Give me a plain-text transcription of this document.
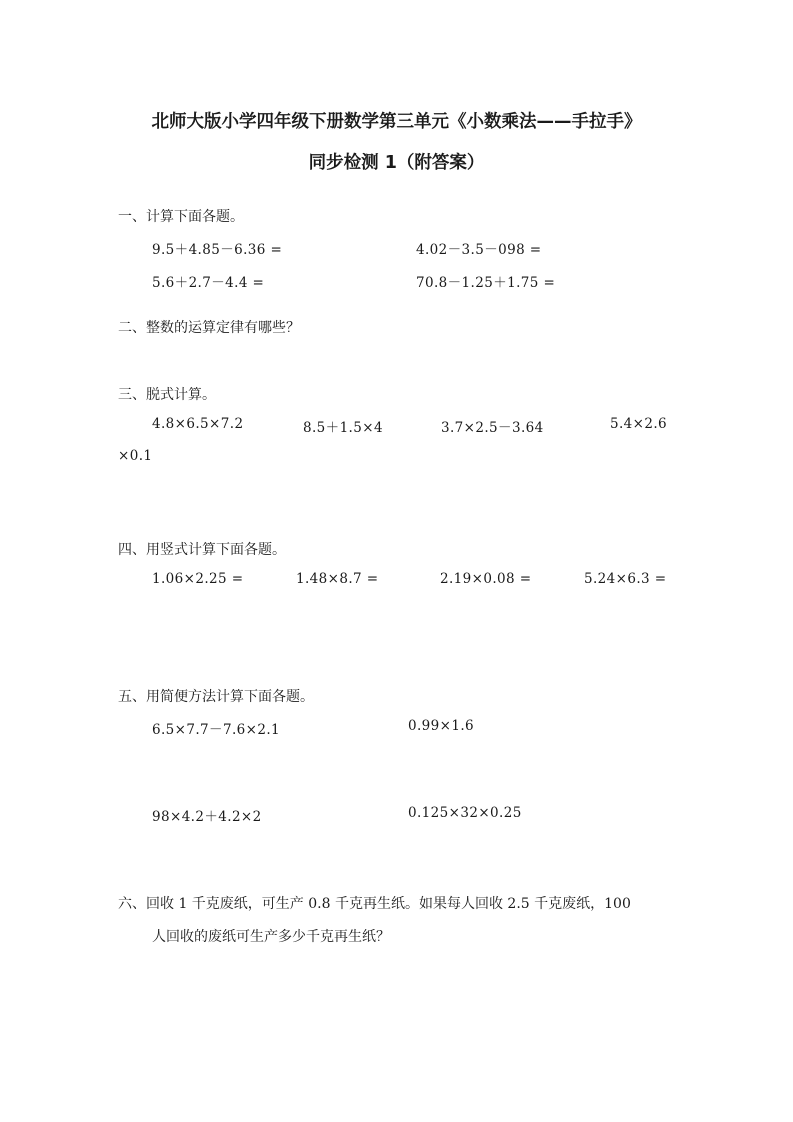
北师大版小学四年级下册数学第三单元《小数乘法——手拉手》
同步检测 1（附答案）
一、计算下面各题。
9.5＋4.85－6.36 =	4.02－3.5－098 =
5.6＋2.7－4.4 =	70.8－1.25＋1.75 =
二、整数的运算定律有哪些？
三、脱式计算。
4.8×6.5×7.2	8.5＋1.5×4	3.7×2.5－3.64	5.4×2.6
×0.1
四、用竖式计算下面各题。
1.06×2.25 =	1.48×8.7 =	2.19×0.08 =	5.24×6.3 =
五、用简便方法计算下面各题。
6.5×7.7－7.6×2.1	0.99×1.6
98×4.2＋4.2×2	0.125×32×0.25
六、回收 1 千克废纸，可生产 0.8 千克再生纸。如果每人回收 2.5 千克废纸，100
人回收的废纸可生产多少千克再生纸？
